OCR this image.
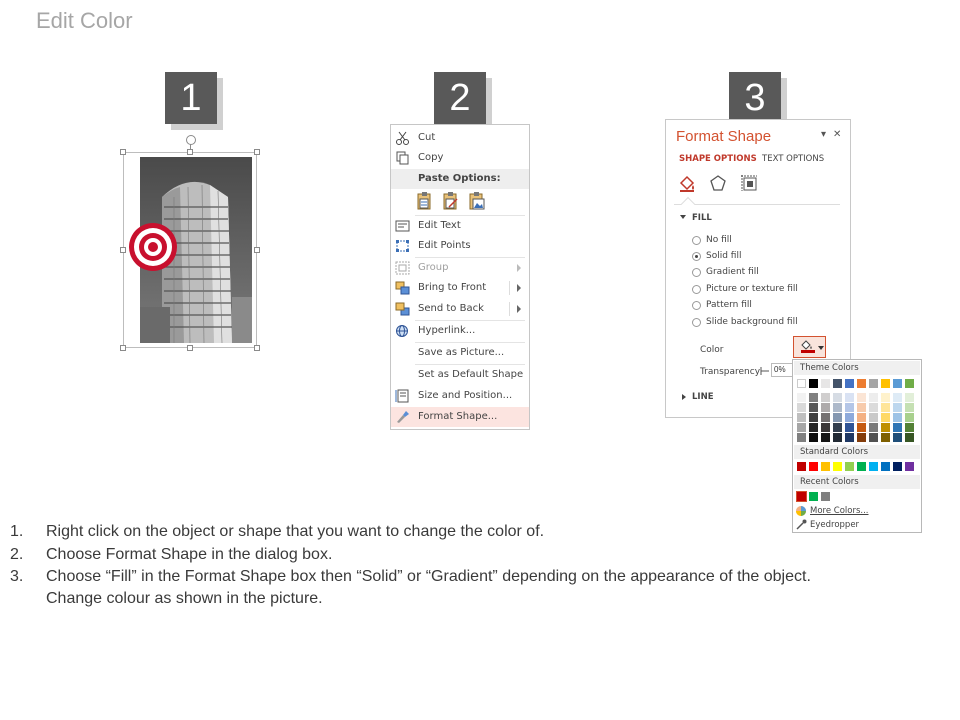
Edit Color
1	2	3
Cut
Copy
Paste Options:
Edit Text
Edit Points
Group
Bring to Front
Send to Back
Hyperlink...
Save as Picture...
Set as Default Shape
Size and Position...
Format Shape...
Format Shape	▾ ✕
SHAPE OPTIONS TEXT OPTIONS
FILL
No fill
Solid fill
Gradient fill
Picture or texture fill
Pattern fill
Slide background fill
Color
Transparency
LINE
0%	Theme Colors
Standard Colors
Recent Colors
More Colors...
Eyedropper
1. Right click on the object or shape that you want to change the color of.
2. Choose Format Shape in the dialog box.
3. Choose “Fill” in the Format Shape box then “Solid” or “Gradient” depending on the appearance of the object.
Change colour as shown in the picture.
